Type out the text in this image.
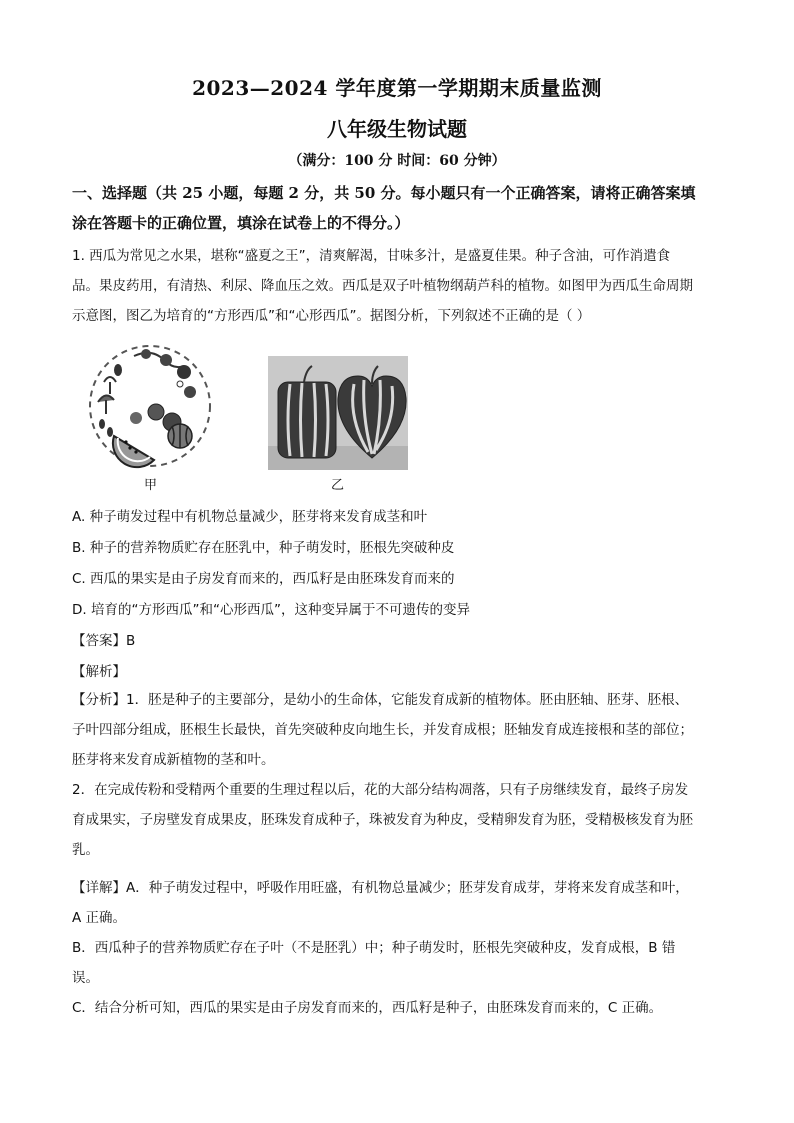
2023—2024 学年度第一学期期末质量监测
八年级生物试题
（满分：100 分 时间：60 分钟）
一、选择题（共 25 小题，每题 2 分，共 50 分。每小题只有一个正确答案，请将正确答案填
涂在答题卡的正确位置，填涂在试卷上的不得分。）
1. 西瓜为常见之水果，堪称“盛夏之王”，清爽解渴，甘味多汁，是盛夏佳果。种子含油，可作消遣食
品。果皮药用，有清热、利尿、降血压之效。西瓜是双子叶植物纲葫芦科的植物。如图甲为西瓜生命周期
示意图，图乙为培育的“方形西瓜”和“心形西瓜”。据图分析，下列叙述不正确的是（ ）
甲	乙
A. 种子萌发过程中有机物总量减少，胚芽将来发育成茎和叶
B. 种子的营养物质贮存在胚乳中，种子萌发时，胚根先突破种皮
C. 西瓜的果实是由子房发育而来的，西瓜籽是由胚珠发育而来的
D. 培育的“方形西瓜”和“心形西瓜”，这种变异属于不可遗传的变异
【答案】B
【解析】
【分析】1．胚是种子的主要部分，是幼小的生命体，它能发育成新的植物体。胚由胚轴、胚芽、胚根、
子叶四部分组成，胚根生长最快，首先突破种皮向地生长，并发育成根；胚轴发育成连接根和茎的部位；
胚芽将来发育成新植物的茎和叶。
2．在完成传粉和受精两个重要的生理过程以后，花的大部分结构凋落，只有子房继续发育，最终子房发
育成果实，子房壁发育成果皮，胚珠发育成种子，珠被发育为种皮，受精卵发育为胚，受精极核发育为胚
乳。
【详解】A．种子萌发过程中，呼吸作用旺盛，有机物总量减少；胚芽发育成芽，芽将来发育成茎和叶，
A 正确。
B．西瓜种子的营养物质贮存在子叶（不是胚乳）中；种子萌发时，胚根先突破种皮，发育成根，B 错
误。
C．结合分析可知，西瓜的果实是由子房发育而来的，西瓜籽是种子，由胚珠发育而来的，C 正确。
